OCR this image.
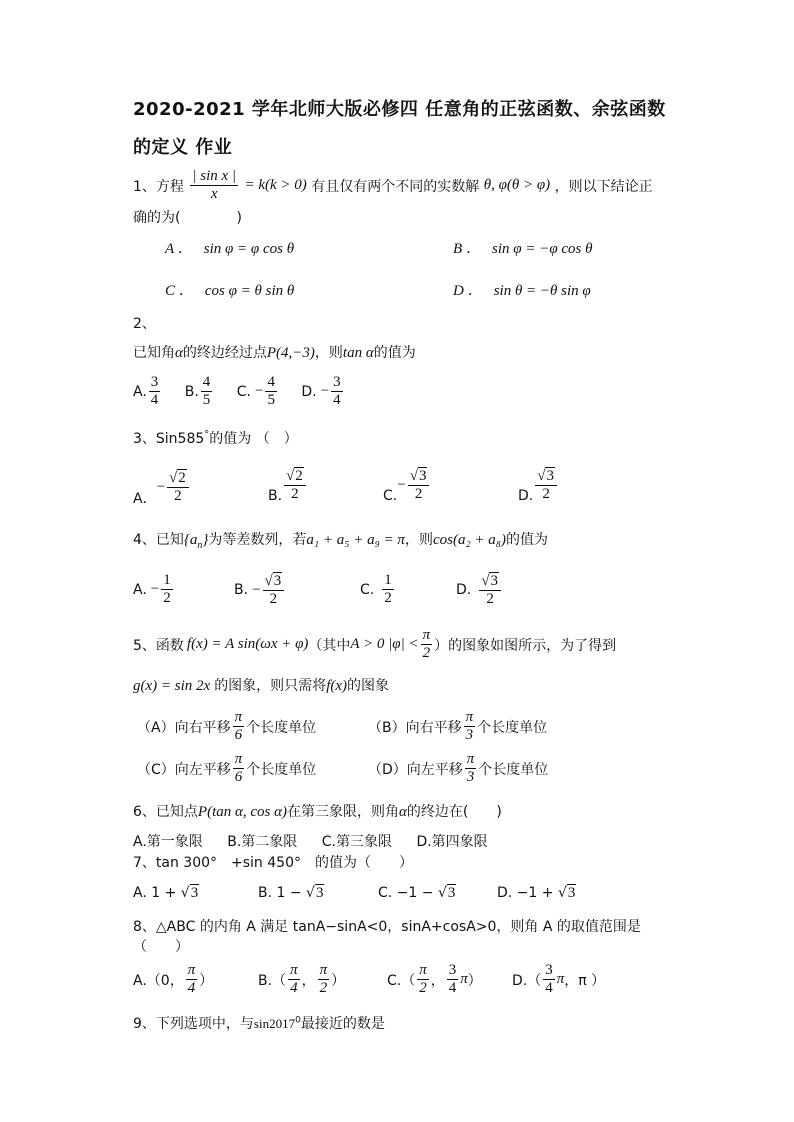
2020-2021 学年北师大版必修四 任意角的正弦函数、余弦函数
的定义 作业
1、方程 $\frac{\text{| sin x |}}{x} = k(k > 0)$ 有且仅有两个不同的实数解 θ, φ(θ > φ) ，则以下结论正
确的为(　　　　)
A ． sin φ = φ cos θ	B ． sin φ = −φ cos θ
C ． cos φ = θ sin θ	D ． sin θ = −θ sin φ
2、
已知角α的终边经过点P(4,−3)，则tan α的值为
A. $\frac{3}{4} B$. $\frac{4}{5} C$. − $\frac{4}{5} D$. − $\frac{3}{4}$
3、Sin585°的值为 （　）
A．− $\frac{√2}{2}$	B. $\frac{√2}{2}$	$C.- \frac{√3}{2}$	D. $\frac{√3}{2}$
4、已知$\{a_n\}$为等差数列，若a₁ + a₅ + a₉ = π，则cos(a₂ + a₈)的值为
A. − $\frac{1}{2}$	B. − $\frac{√3}{2}$	C. $\frac{1}{2}$	D. $\frac{√3}{2}$
5、函数 f(x) = A sin(ωx + φ)（其中A > 0 $|\varphi| < \frac{\pi}{2}$ ）的图象如图所示，为了得到
g(x) = sin 2x 的图象，则只需将f(x)的图象
（A）向右平移 $\frac{\pi}{6}$ 个长度单位	（B）向右平移 $\frac{\pi}{3}$ 个长度单位
（C）向左平移 $\frac{\pi}{6}$ 个长度单位	（D）向左平移 $\frac{\pi}{3}$ 个长度单位
6、已知点P(tan α, cos α)在第三象限，则角α的终边在(　　)
A.第一象限 B.第二象限 C.第三象限 D.第四象限
7、tan 300°　+sin 450°　的值为（　　）
A. 1 + √3	B. 1 − √3	C. −1 − √3	D. −1 + √3
8、△ABC 的内角 A 满足 tanA−sinA<0，sinA+cosA>0，则角 A 的取值范围是
（　　）
A.（0， $\frac{\pi}{4}$ ）	$B.( \frac{\pi}{4}$ ， $\frac{\pi}{2}$ ）	$C.( \frac{\pi}{2}$ ， $\frac{3}{4} \pi$） $D.( \frac{3}{4}$ π，π ）
9、下列选项中，与sin2017$^0$最接近的数是
